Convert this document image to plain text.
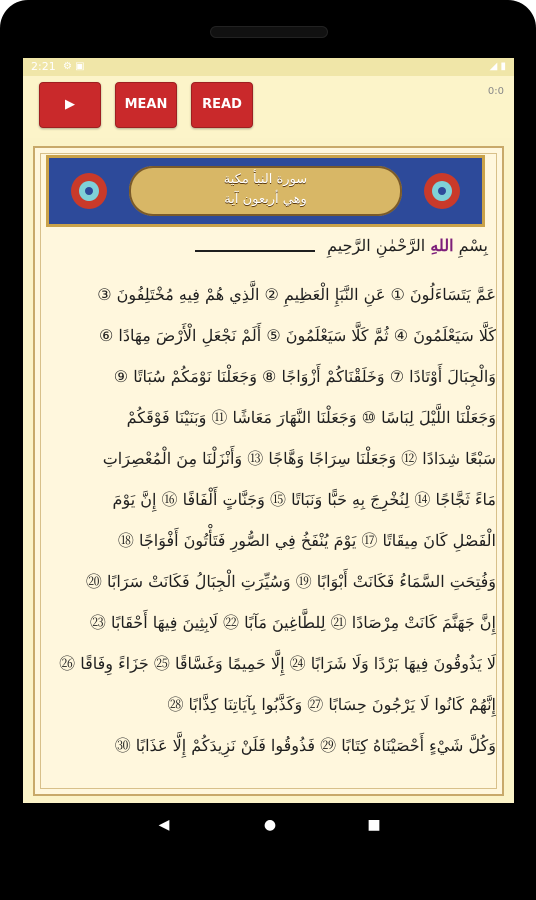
2:21 ⚙ ▣	◢ ▮
▶	MEAN	READ
0:0
سورة النبأ مكية
وهي أربعون آية
بِسْمِ اللهِ الرَّحْمٰنِ الرَّحِيمِ
عَمَّ يَتَسَاءَلُونَ ① عَنِ النَّبَإِ الْعَظِيمِ ② الَّذِي هُمْ فِيهِ مُخْتَلِفُونَ ③
كَلَّا سَيَعْلَمُونَ ④ ثُمَّ كَلَّا سَيَعْلَمُونَ ⑤ أَلَمْ نَجْعَلِ الْأَرْضَ مِهَادًا ⑥
وَالْجِبَالَ أَوْتَادًا ⑦ وَخَلَقْنَاكُمْ أَزْوَاجًا ⑧ وَجَعَلْنَا نَوْمَكُمْ سُبَاتًا ⑨
وَجَعَلْنَا اللَّيْلَ لِبَاسًا ⑩ وَجَعَلْنَا النَّهَارَ مَعَاشًا ⑪ وَبَنَيْنَا فَوْقَكُمْ
سَبْعًا شِدَادًا ⑫ وَجَعَلْنَا سِرَاجًا وَهَّاجًا ⑬ وَأَنْزَلْنَا مِنَ الْمُعْصِرَاتِ
مَاءً ثَجَّاجًا ⑭ لِنُخْرِجَ بِهِ حَبًّا وَنَبَاتًا ⑮ وَجَنَّاتٍ أَلْفَافًا ⑯ إِنَّ يَوْمَ
الْفَصْلِ كَانَ مِيقَاتًا ⑰ يَوْمَ يُنْفَخُ فِي الصُّورِ فَتَأْتُونَ أَفْوَاجًا ⑱
وَفُتِحَتِ السَّمَاءُ فَكَانَتْ أَبْوَابًا ⑲ وَسُيِّرَتِ الْجِبَالُ فَكَانَتْ سَرَابًا ⑳
إِنَّ جَهَنَّمَ كَانَتْ مِرْصَادًا ㉑ لِلطَّاغِينَ مَآبًا ㉒ لَابِثِينَ فِيهَا أَحْقَابًا ㉓
لَا يَذُوقُونَ فِيهَا بَرْدًا وَلَا شَرَابًا ㉔ إِلَّا حَمِيمًا وَغَسَّاقًا ㉕ جَزَاءً وِفَاقًا ㉖
إِنَّهُمْ كَانُوا لَا يَرْجُونَ حِسَابًا ㉗ وَكَذَّبُوا بِآيَاتِنَا كِذَّابًا ㉘
وَكُلَّ شَيْءٍ أَحْصَيْنَاهُ كِتَابًا ㉙ فَذُوقُوا فَلَنْ نَزِيدَكُمْ إِلَّا عَذَابًا ㉚
◀	●	■
